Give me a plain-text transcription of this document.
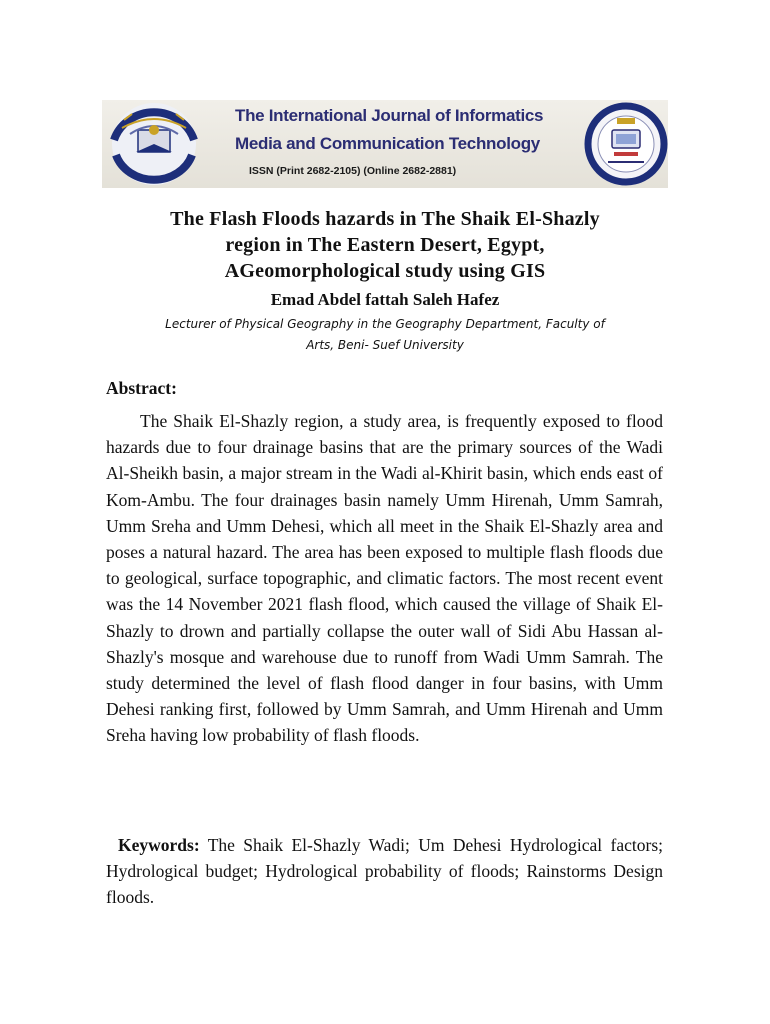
The International Journal of Informatics
Media and Communication Technology
ISSN (Print 2682-2105) (Online 2682-2881)
The Flash Floods hazards in The Shaik El-Shazly
region in The Eastern Desert, Egypt,
AGeomorphological study using GIS
Emad Abdel fattah Saleh Hafez
Lecturer of Physical Geography in the Geography Department, Faculty of
Arts, Beni- Suef University
Abstract:

The Shaik El-Shazly region, a study area, is frequently exposed to flood hazards due to four drainage basins that are the primary sources of the Wadi Al-Sheikh basin, a major stream in the Wadi al-Khirit basin, which ends east of Kom-Ambu. The four drainages basin namely Umm Hirenah, Umm Samrah, Umm Sreha and Umm Dehesi, which all meet in the Shaik El-Shazly area and poses a natural hazard. The area has been exposed to multiple flash floods due to geological, surface topographic, and climatic factors. The most recent event was the 14 November 2021 flash flood, which caused the village of Shaik El-Shazly to drown and partially collapse the outer wall of Sidi Abu Hassan al-Shazly's mosque and warehouse due to runoff from Wadi Umm Samrah. The study determined the level of flash flood danger in four basins, with Umm Dehesi ranking first, followed by Umm Samrah, and Umm Hirenah and Umm Sreha having low probability of flash floods.

Keywords: The Shaik El-Shazly Wadi; Um Dehesi Hydrological factors; Hydrological budget; Hydrological probability of floods; Rainstorms Design floods.
